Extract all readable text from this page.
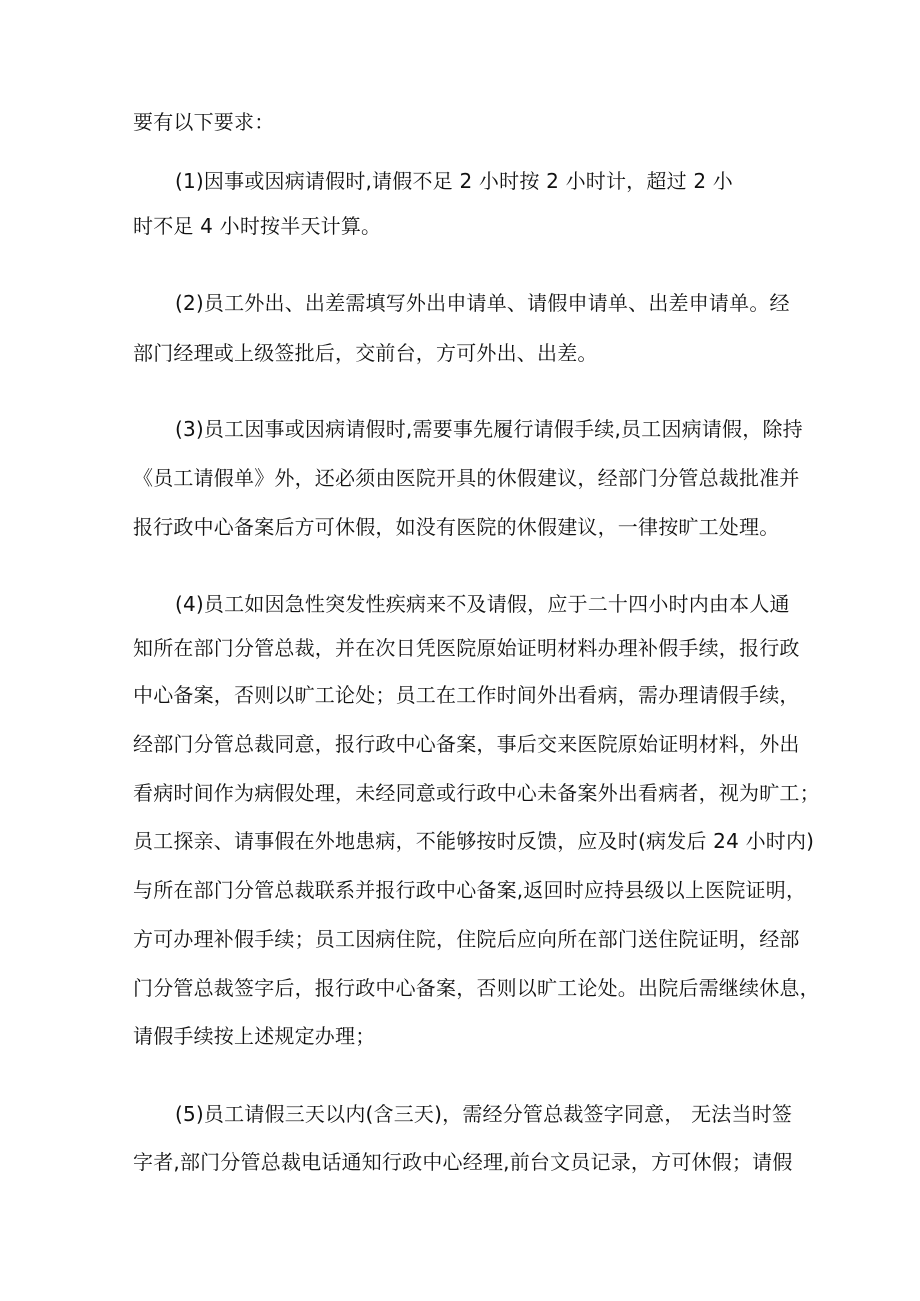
要有以下要求：
(1)因事或因病请假时,请假不足 2 小时按 2 小时计，超过 2 小
时不足 4 小时按半天计算。
(2)员工外出、出差需填写外出申请单、请假申请单、出差申请单。经
部门经理或上级签批后，交前台，方可外出、出差。
(3)员工因事或因病请假时,需要事先履行请假手续,员工因病请假，除持
《员工请假单》外，还必须由医院开具的休假建议，经部门分管总裁批准并
报行政中心备案后方可休假，如没有医院的休假建议，一律按旷工处理。
(4)员工如因急性突发性疾病来不及请假，应于二十四小时内由本人通
知所在部门分管总裁，并在次日凭医院原始证明材料办理补假手续，报行政
中心备案，否则以旷工论处；员工在工作时间外出看病，需办理请假手续，
经部门分管总裁同意，报行政中心备案，事后交来医院原始证明材料，外出
看病时间作为病假处理，未经同意或行政中心未备案外出看病者，视为旷工；
员工探亲、请事假在外地患病，不能够按时反馈，应及时(病发后 24 小时内)
与所在部门分管总裁联系并报行政中心备案,返回时应持县级以上医院证明，
方可办理补假手续；员工因病住院，住院后应向所在部门送住院证明，经部
门分管总裁签字后，报行政中心备案，否则以旷工论处。出院后需继续休息，
请假手续按上述规定办理；
(5)员工请假三天以内(含三天)，需经分管总裁签字同意， 无法当时签
字者,部门分管总裁电话通知行政中心经理,前台文员记录，方可休假；请假
